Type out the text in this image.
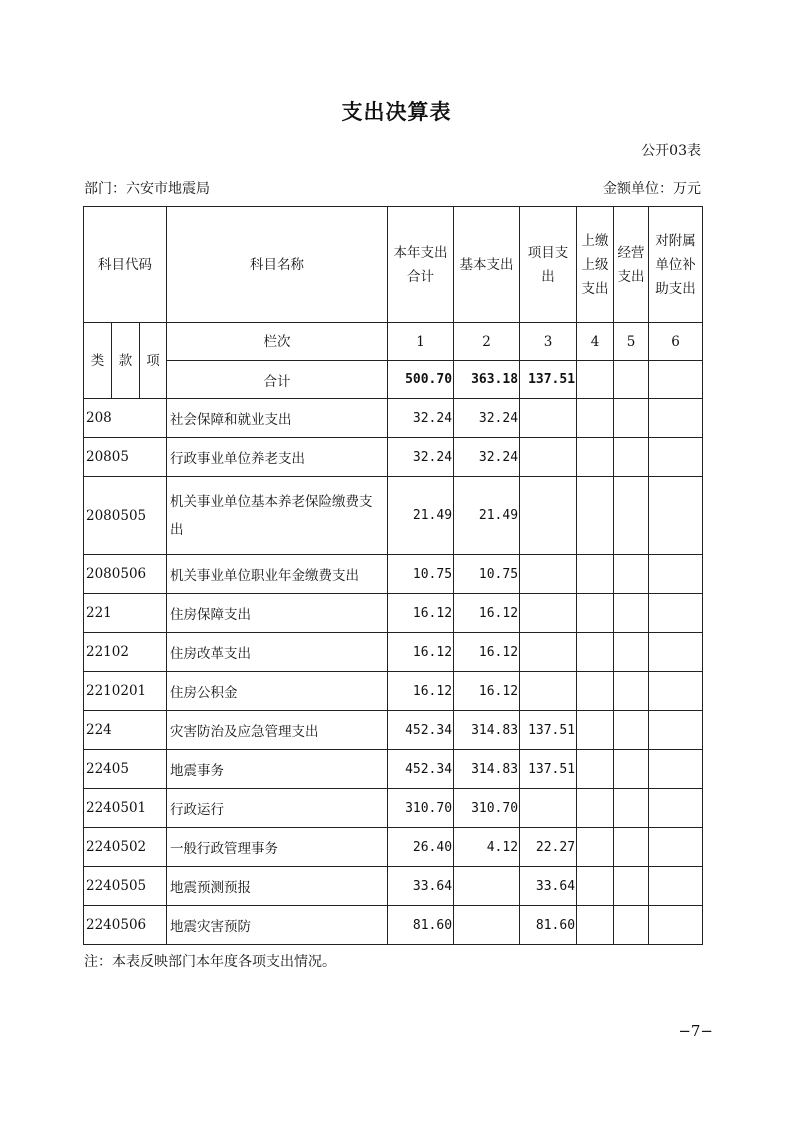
支出决算表
公开03表
部门：六安市地震局	金额单位：万元
科目代码			科目名称	本年支出合计	基本支出	项目支出	上缴上级支出	经营支出	对附属单位补助支出
类	款	项	栏次	1	2	3	4	5	6
			合计	500.70	363.18	137.51			
208			社会保障和就业支出	32.24	32.24				
20805			行政事业单位养老支出	32.24	32.24				
2080505			机关事业单位基本养老保险缴费支出	21.49	21.49				
2080506			机关事业单位职业年金缴费支出	10.75	10.75				
221			住房保障支出	16.12	16.12				
22102			住房改革支出	16.12	16.12				
2210201			住房公积金	16.12	16.12				
224			灾害防治及应急管理支出	452.34	314.83	137.51			
22405			地震事务	452.34	314.83	137.51			
2240501			行政运行	310.70	310.70				
2240502			一般行政管理事务	26.40	4.12	22.27			
2240505			地震预测预报	33.64		33.64			
2240506			地震灾害预防	81.60		81.60			
注：本表反映部门本年度各项支出情况。
−7−
